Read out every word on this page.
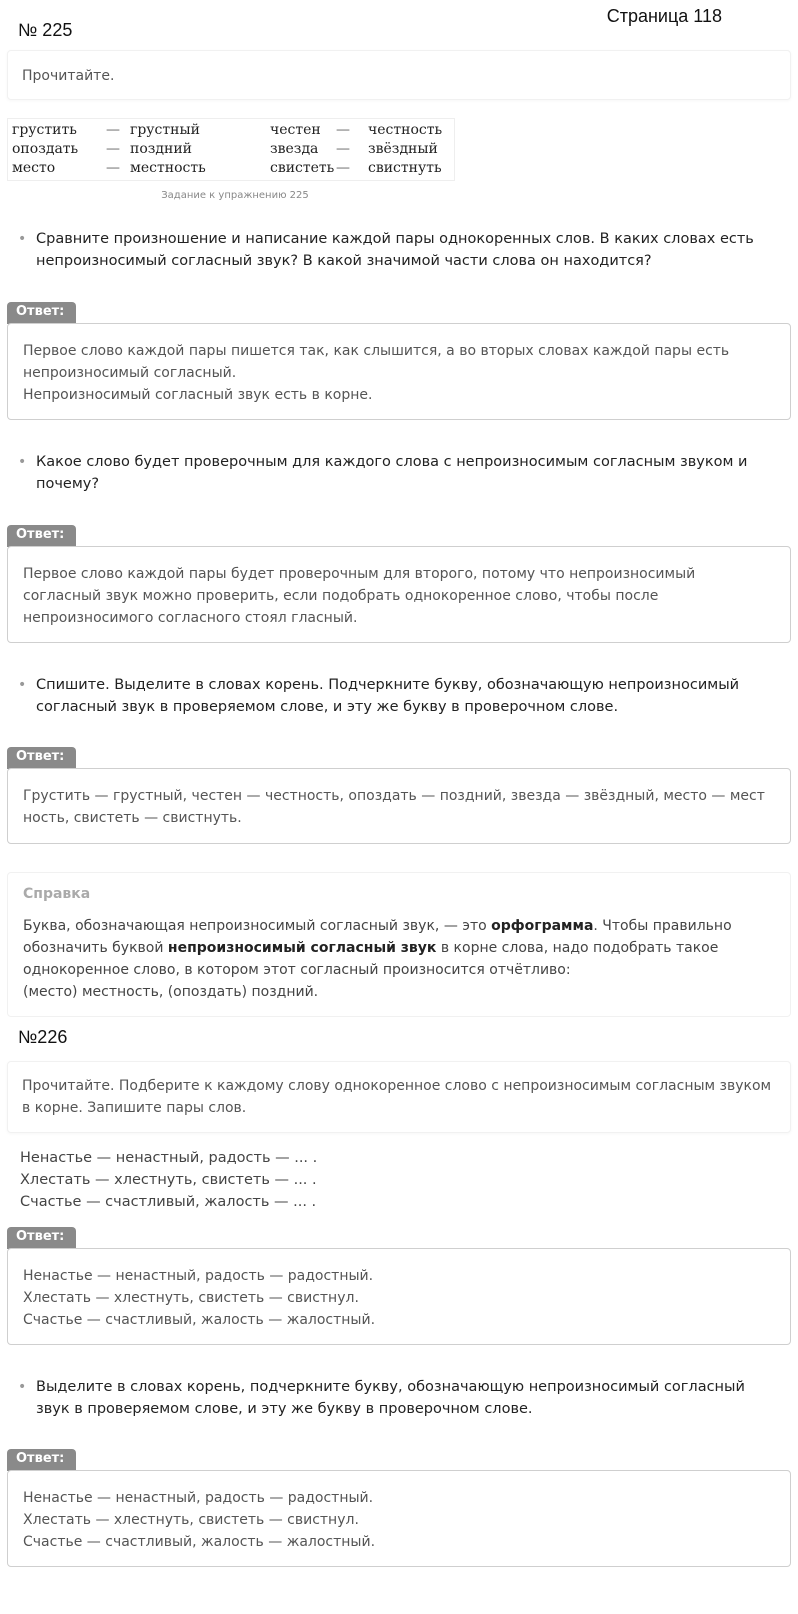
№ 225
Страница 118

Прочитайте.

грустить	— грустный	честен	—	честность
опоздать	— поздний	звезда	—	звёздный
место	— местность	свистеть —	свистнуть
Задание к упражнению 225
• Сравните произношение и написание каждой пары однокоренных слов. В каких словах есть непроизносимый согласный звук? В какой значимой части слова он находится?
Ответ:
Первое слово каждой пары пишется так, как слышится, а во вторых словах каждой пары есть
непроизносимый согласный.
Непроизносимый согласный звук есть в корне.
• Какое слово будет проверочным для каждого слова с непроизносимым согласным звуком и почему?
Ответ:
Первое слово каждой пары будет проверочным для второго, потому что непроизносимый
согласный звук можно проверить, если подобрать однокоренное слово, чтобы после
непроизносимого согласного стоял гласный.
• Спишите. Выделите в словах корень. Подчеркните букву, обозначающую непроизносимый согласный звук в проверяемом слове, и эту же букву в проверочном слове.
Ответ:
Грустить — грустный, честен — честность, опоздать — поздний, звезда — звёздный, место — мест
ность, свистеть — свистнуть.
Справка
Буква, обозначающая непроизносимый согласный звук, — это орфограмма. Чтобы правильно
обозначить буквой непроизносимый согласный звук в корне слова, надо подобрать такое
однокоренное слово, в котором этот согласный произносится отчётливо:
(место) местность, (опоздать) поздний.
№226

Прочитайте. Подберите к каждому слову однокоренное слово с непроизносимым согласным звуком в корне. Запишите пары слов.

Ненастье — ненастный, радость — ... .
Хлестать — хлестнуть, свистеть — ... .
Счастье — счастливый, жалость — ... .
Ответ:
Ненастье — ненастный, радость — радостный.
Хлестать — хлестнуть, свистеть — свистнул.
Счастье — счастливый, жалость — жалостный.
• Выделите в словах корень, подчеркните букву, обозначающую непроизносимый согласный звук в проверяемом слове, и эту же букву в проверочном слове.
Ответ:
Ненастье — ненастный, радость — радостный.
Хлестать — хлестнуть, свистеть — свистнул.
Счастье — счастливый, жалость — жалостный.
